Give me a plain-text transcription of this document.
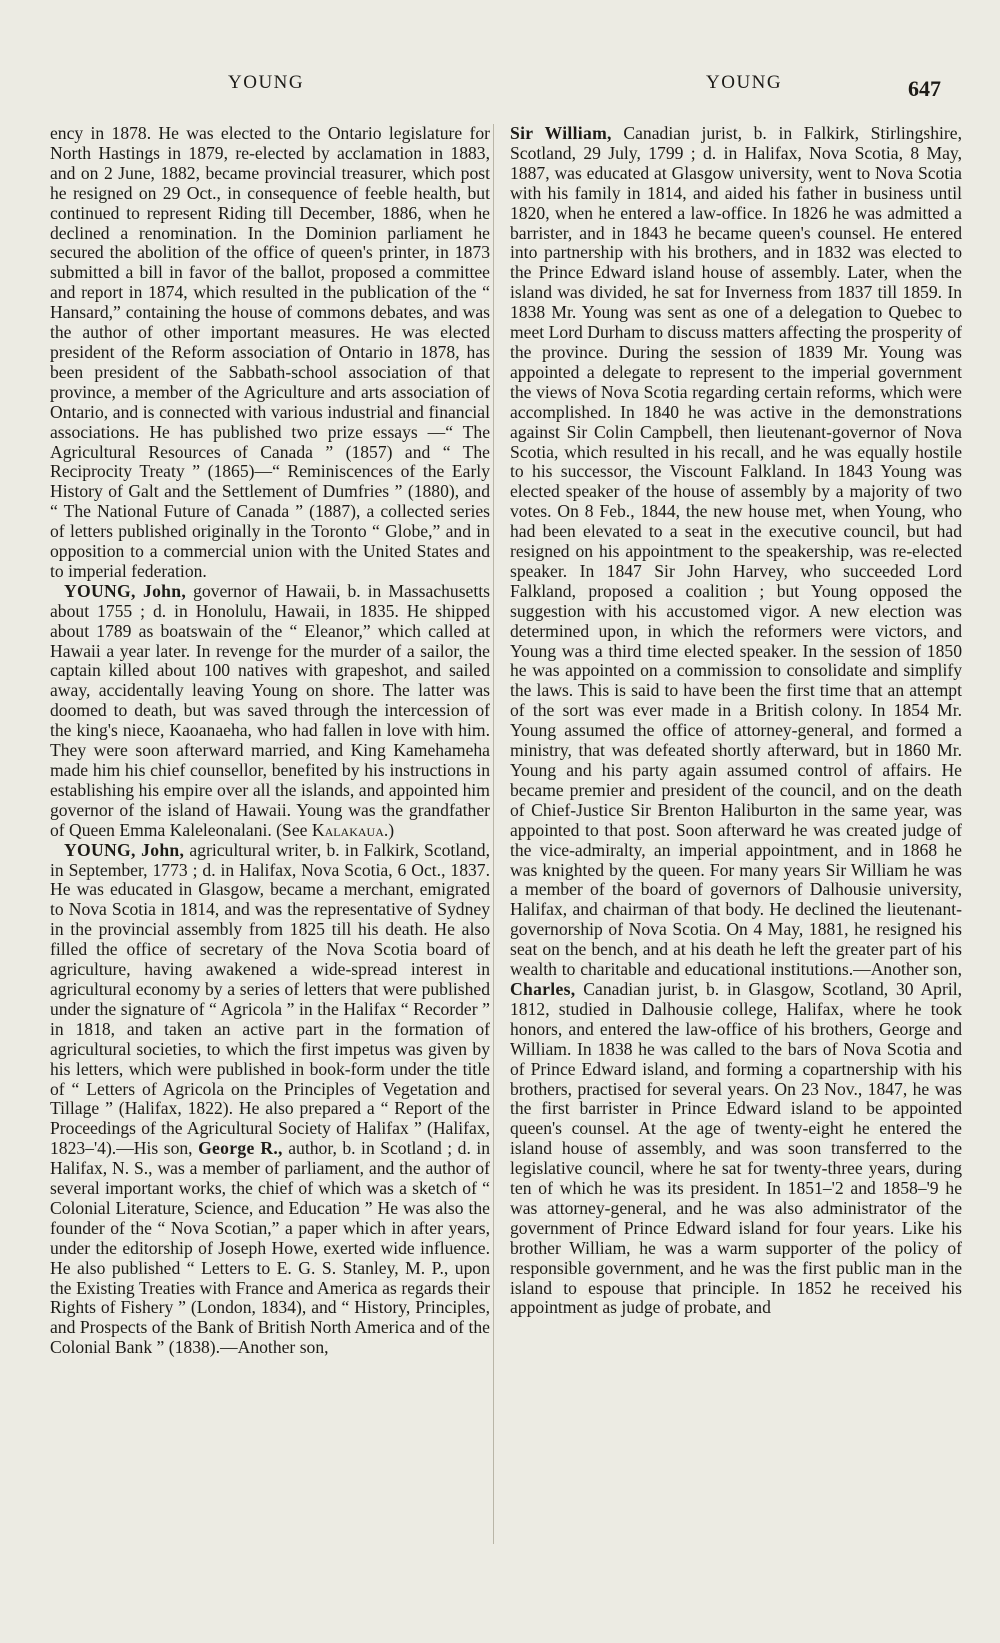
YOUNG	YOUNG	647

ency in 1878. He was elected to the Ontario legislature for North Hastings in 1879, re-elected by acclamation in 1883, and on 2 June, 1882, became provincial treasurer, which post he resigned on 29 Oct., in consequence of feeble health, but continued to represent Riding till December, 1886, when he declined a renomination. In the Dominion parliament he secured the abolition of the office of queen's printer, in 1873 submitted a bill in favor of the ballot, proposed a committee and report in 1874, which resulted in the publication of the “ Hansard,” containing the house of commons debates, and was the author of other important measures. He was elected president of the Reform association of Ontario in 1878, has been president of the Sabbath-school association of that province, a member of the Agriculture and arts association of Ontario, and is connected with various industrial and financial associations. He has published two prize essays —“ The Agricultural Resources of Canada ” (1857) and “ The Reciprocity Treaty ” (1865)—“ Reminiscences of the Early History of Galt and the Settlement of Dumfries ” (1880), and “ The National Future of Canada ” (1887), a collected series of letters published originally in the Toronto “ Globe,” and in opposition to a commercial union with the United States and to imperial federation.

YOUNG, John, governor of Hawaii, b. in Massachusetts about 1755 ; d. in Honolulu, Hawaii, in 1835. He shipped about 1789 as boatswain of the “ Eleanor,” which called at Hawaii a year later. In revenge for the murder of a sailor, the captain killed about 100 natives with grapeshot, and sailed away, accidentally leaving Young on shore. The latter was doomed to death, but was saved through the intercession of the king's niece, Kaoanaeha, who had fallen in love with him. They were soon afterward married, and King Kamehameha made him his chief counsellor, benefited by his instructions in establishing his empire over all the islands, and appointed him governor of the island of Hawaii. Young was the grandfather of Queen Emma Kaleleonalani. (See Kalakaua.)

YOUNG, John, agricultural writer, b. in Falkirk, Scotland, in September, 1773 ; d. in Halifax, Nova Scotia, 6 Oct., 1837. He was educated in Glasgow, became a merchant, emigrated to Nova Scotia in 1814, and was the representative of Sydney in the provincial assembly from 1825 till his death. He also filled the office of secretary of the Nova Scotia board of agriculture, having awakened a wide-spread interest in agricultural economy by a series of letters that were published under the signature of “ Agricola ” in the Halifax “ Recorder ” in 1818, and taken an active part in the formation of agricultural societies, to which the first impetus was given by his letters, which were published in book-form under the title of “ Letters of Agricola on the Principles of Vegetation and Tillage ” (Halifax, 1822). He also prepared a “ Report of the Proceedings of the Agricultural Society of Halifax ” (Halifax, 1823–'4).—His son, George R., author, b. in Scotland ; d. in Halifax, N. S., was a member of parliament, and the author of several important works, the chief of which was a sketch of “ Colonial Literature, Science, and Education ” He was also the founder of the “ Nova Scotian,” a paper which in after years, under the editorship of Joseph Howe, exerted wide influence. He also published “ Letters to E. G. S. Stanley, M. P., upon the Existing Treaties with France and America as regards their Rights of Fishery ” (London, 1834), and “ History, Principles, and Prospects of the Bank of British North America and of the Colonial Bank ” (1838).—Another son,

Sir William, Canadian jurist, b. in Falkirk, Stirlingshire, Scotland, 29 July, 1799 ; d. in Halifax, Nova Scotia, 8 May, 1887, was educated at Glasgow university, went to Nova Scotia with his family in 1814, and aided his father in business until 1820, when he entered a law-office. In 1826 he was admitted a barrister, and in 1843 he became queen's counsel. He entered into partnership with his brothers, and in 1832 was elected to the Prince Edward island house of assembly. Later, when the island was divided, he sat for Inverness from 1837 till 1859. In 1838 Mr. Young was sent as one of a delegation to Quebec to meet Lord Durham to discuss matters affecting the prosperity of the province. During the session of 1839 Mr. Young was appointed a delegate to represent to the imperial government the views of Nova Scotia regarding certain reforms, which were accomplished. In 1840 he was active in the demonstrations against Sir Colin Campbell, then lieutenant-governor of Nova Scotia, which resulted in his recall, and he was equally hostile to his successor, the Viscount Falkland. In 1843 Young was elected speaker of the house of assembly by a majority of two votes. On 8 Feb., 1844, the new house met, when Young, who had been elevated to a seat in the executive council, but had resigned on his appointment to the speakership, was re-elected speaker. In 1847 Sir John Harvey, who succeeded Lord Falkland, proposed a coalition ; but Young opposed the suggestion with his accustomed vigor. A new election was determined upon, in which the reformers were victors, and Young was a third time elected speaker. In the session of 1850 he was appointed on a commission to consolidate and simplify the laws. This is said to have been the first time that an attempt of the sort was ever made in a British colony. In 1854 Mr. Young assumed the office of attorney-general, and formed a ministry, that was defeated shortly afterward, but in 1860 Mr. Young and his party again assumed control of affairs. He became premier and president of the council, and on the death of Chief-Justice Sir Brenton Haliburton in the same year, was appointed to that post. Soon afterward he was created judge of the vice-admiralty, an imperial appointment, and in 1868 he was knighted by the queen. For many years Sir William he was a member of the board of governors of Dalhousie university, Halifax, and chairman of that body. He declined the lieutenant-governorship of Nova Scotia. On 4 May, 1881, he resigned his seat on the bench, and at his death he left the greater part of his wealth to charitable and educational institutions.—Another son, Charles, Canadian jurist, b. in Glasgow, Scotland, 30 April, 1812, studied in Dalhousie college, Halifax, where he took honors, and entered the law-office of his brothers, George and William. In 1838 he was called to the bars of Nova Scotia and of Prince Edward island, and forming a copartnership with his brothers, practised for several years. On 23 Nov., 1847, he was the first barrister in Prince Edward island to be appointed queen's counsel. At the age of twenty-eight he entered the island house of assembly, and was soon transferred to the legislative council, where he sat for twenty-three years, during ten of which he was its president. In 1851–'2 and 1858–'9 he was attorney-general, and he was also administrator of the government of Prince Edward island for four years. Like his brother William, he was a warm supporter of the policy of responsible government, and he was the first public man in the island to espouse that principle. In 1852 he received his appointment as judge of probate, and
